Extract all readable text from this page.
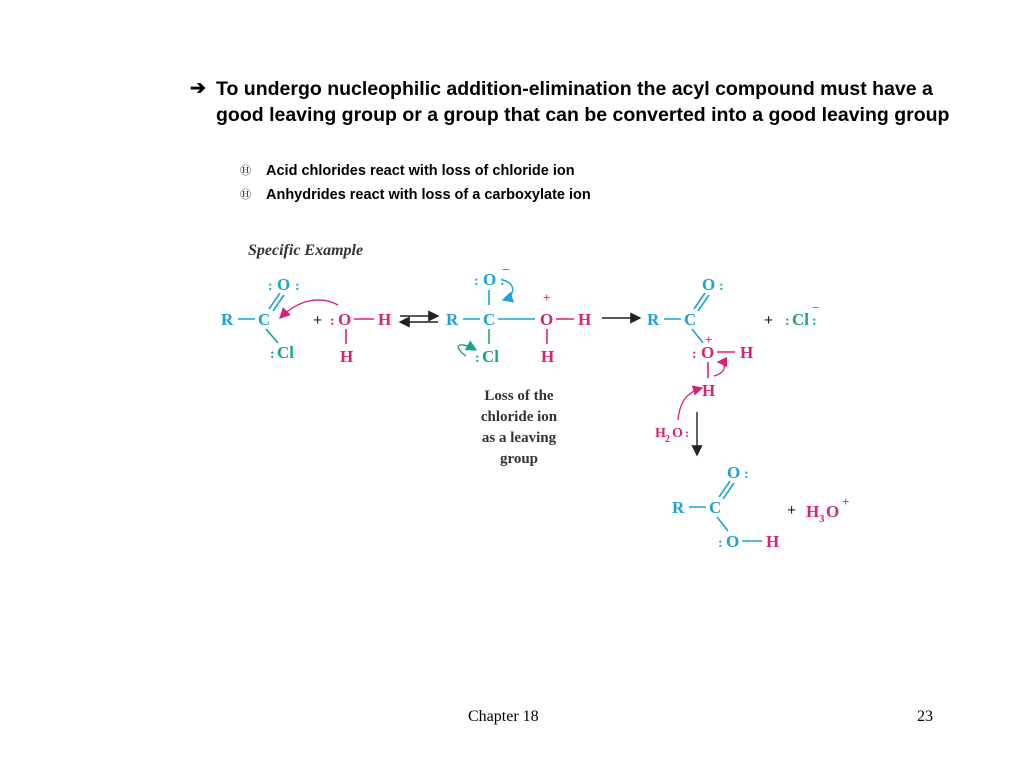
➔ To undergo nucleophilic addition-elimination the acyl compound must have a good leaving group or a group that can be converted into a good leaving group
Ⓗ Acid chlorides react with loss of chloride ion
Ⓗ Anhydrides react with loss of a carboxylate ion
Specific Example
R C
O
: :
Cl
:
+ : O H
H
R C
O
: :
−
O
+
H
H
Cl
:
Loss of the
chloride ion
as a leaving
group
R C
O :
O
:
+
H
H
+ : Cl :
−
H 2 O :
R C
O :
O
:	H
+ H 3 O
+
Chapter 18	23
